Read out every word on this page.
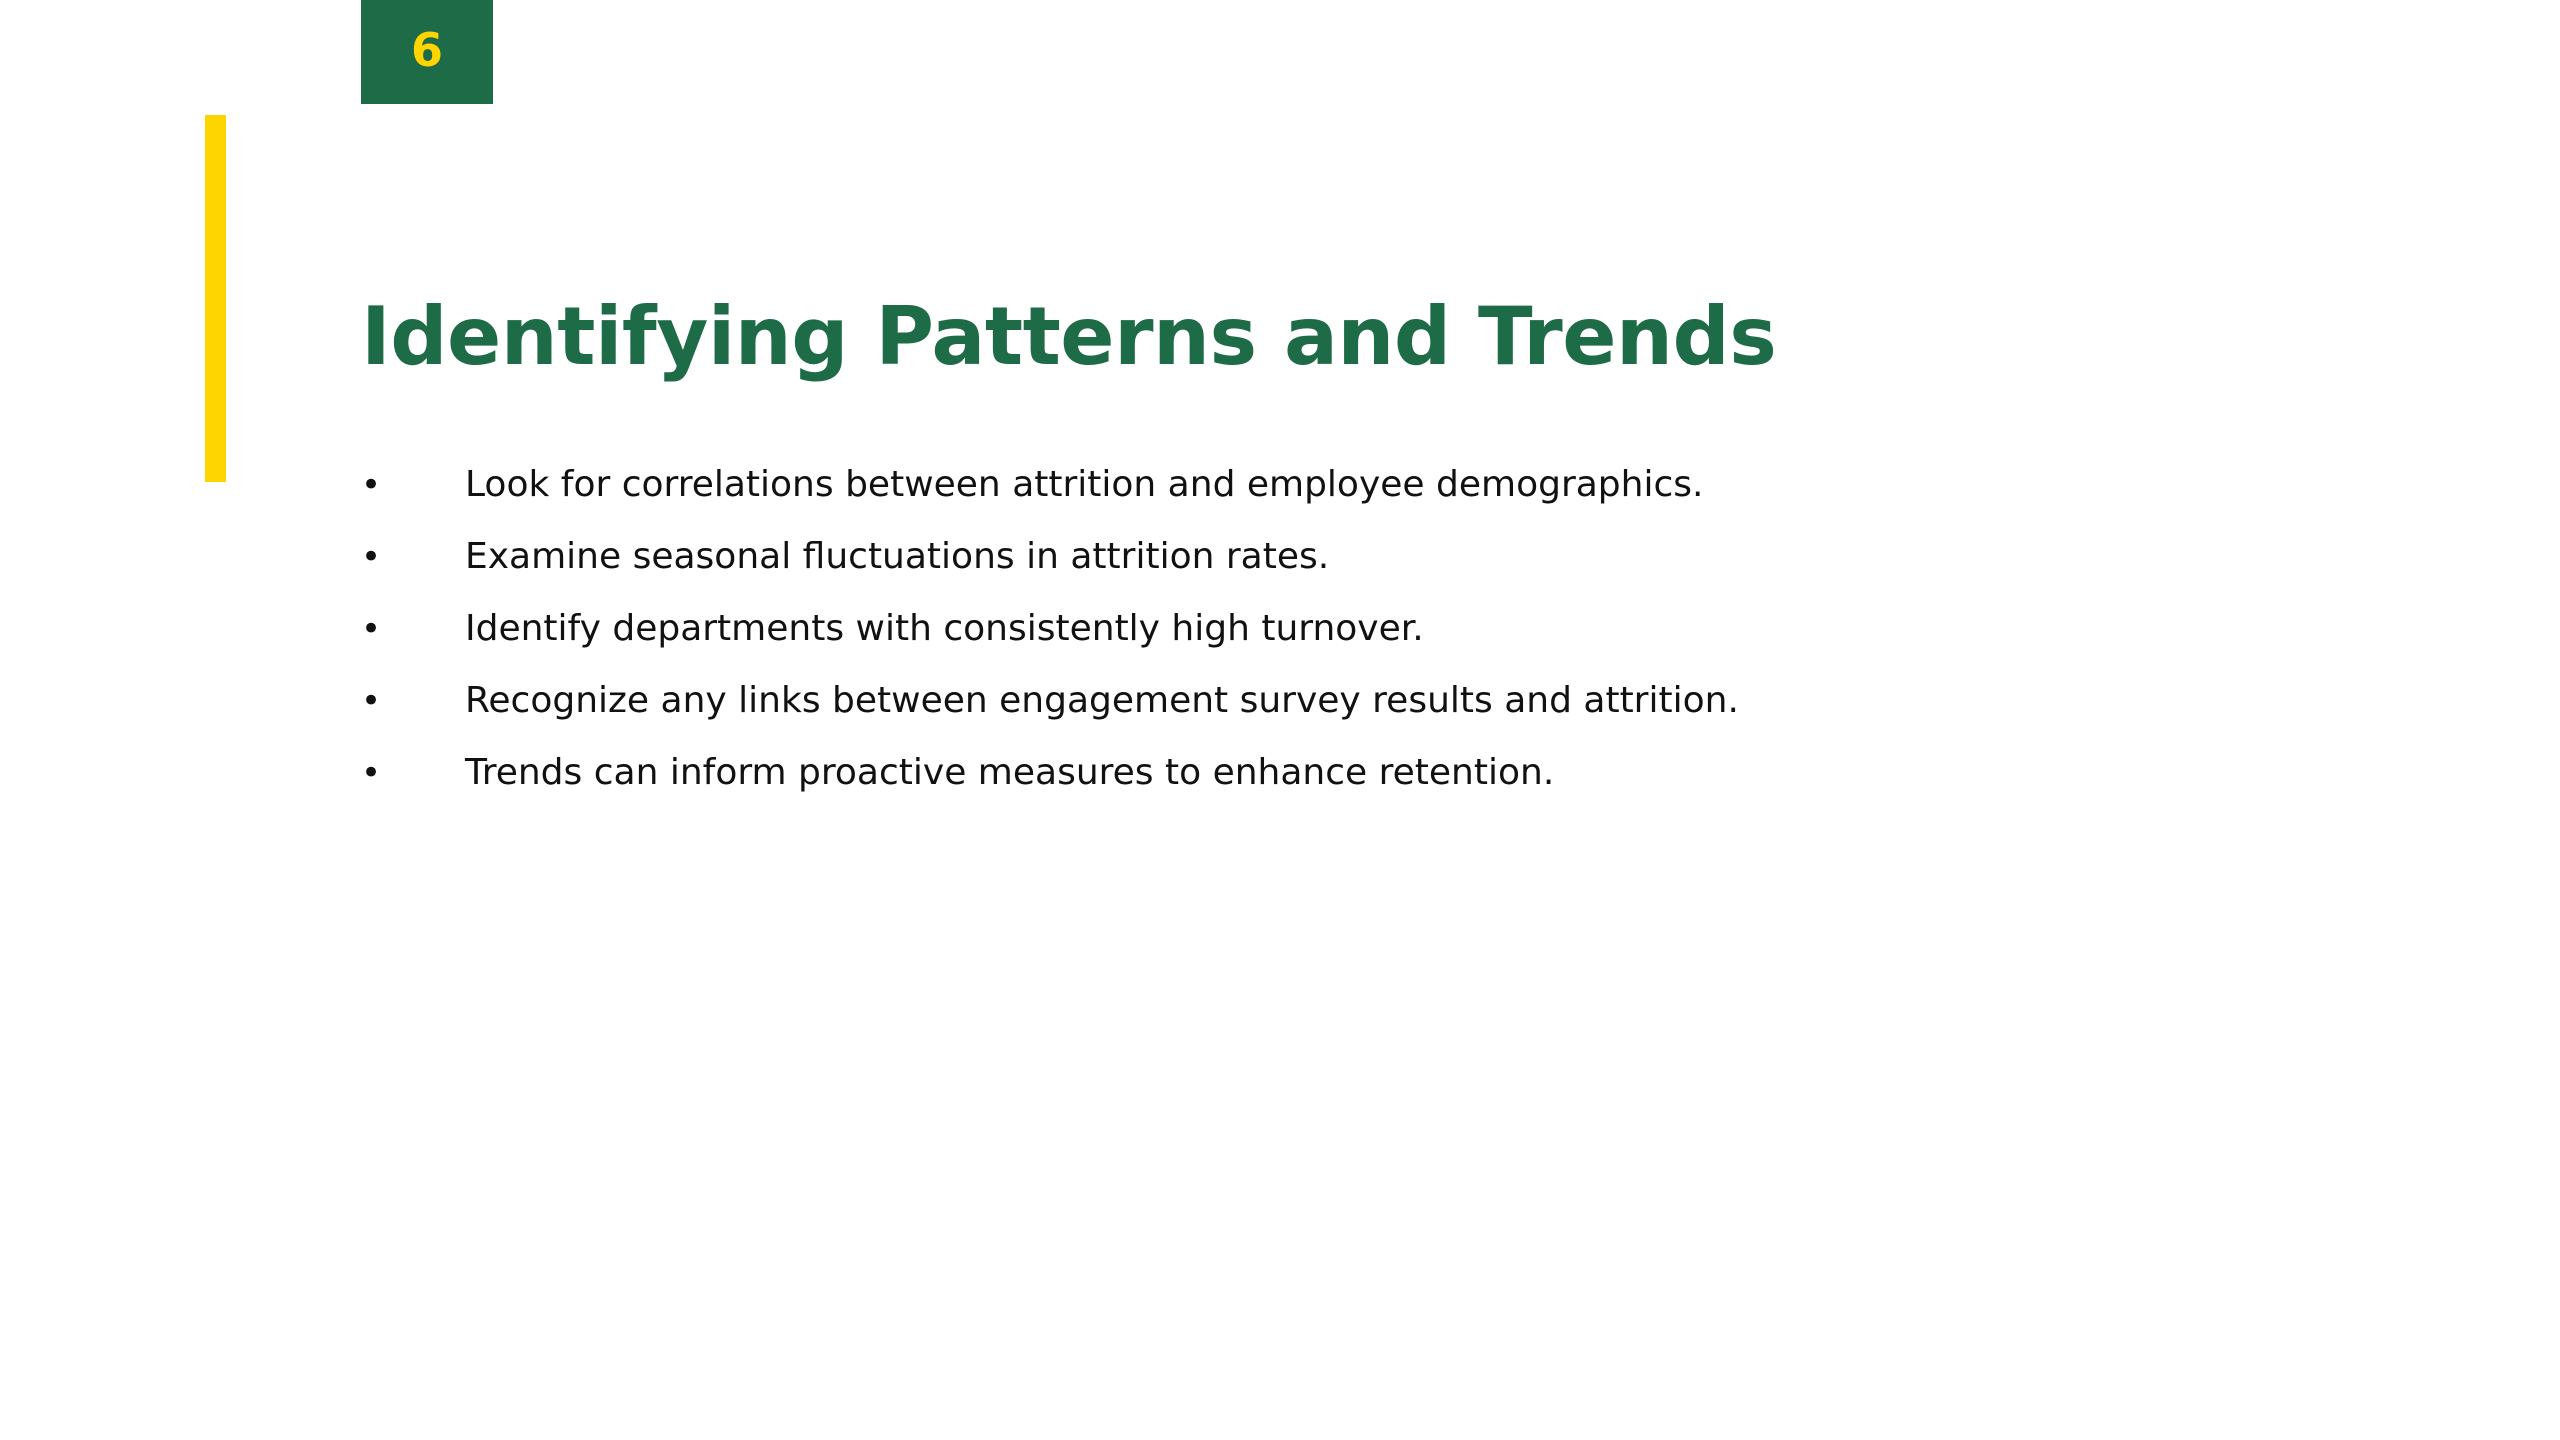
6
Identifying Patterns and Trends
•	Look for correlations between attrition and employee demographics.
•	Examine seasonal fluctuations in attrition rates.
•	Identify departments with consistently high turnover.
•	Recognize any links between engagement survey results and attrition.
•	Trends can inform proactive measures to enhance retention.
